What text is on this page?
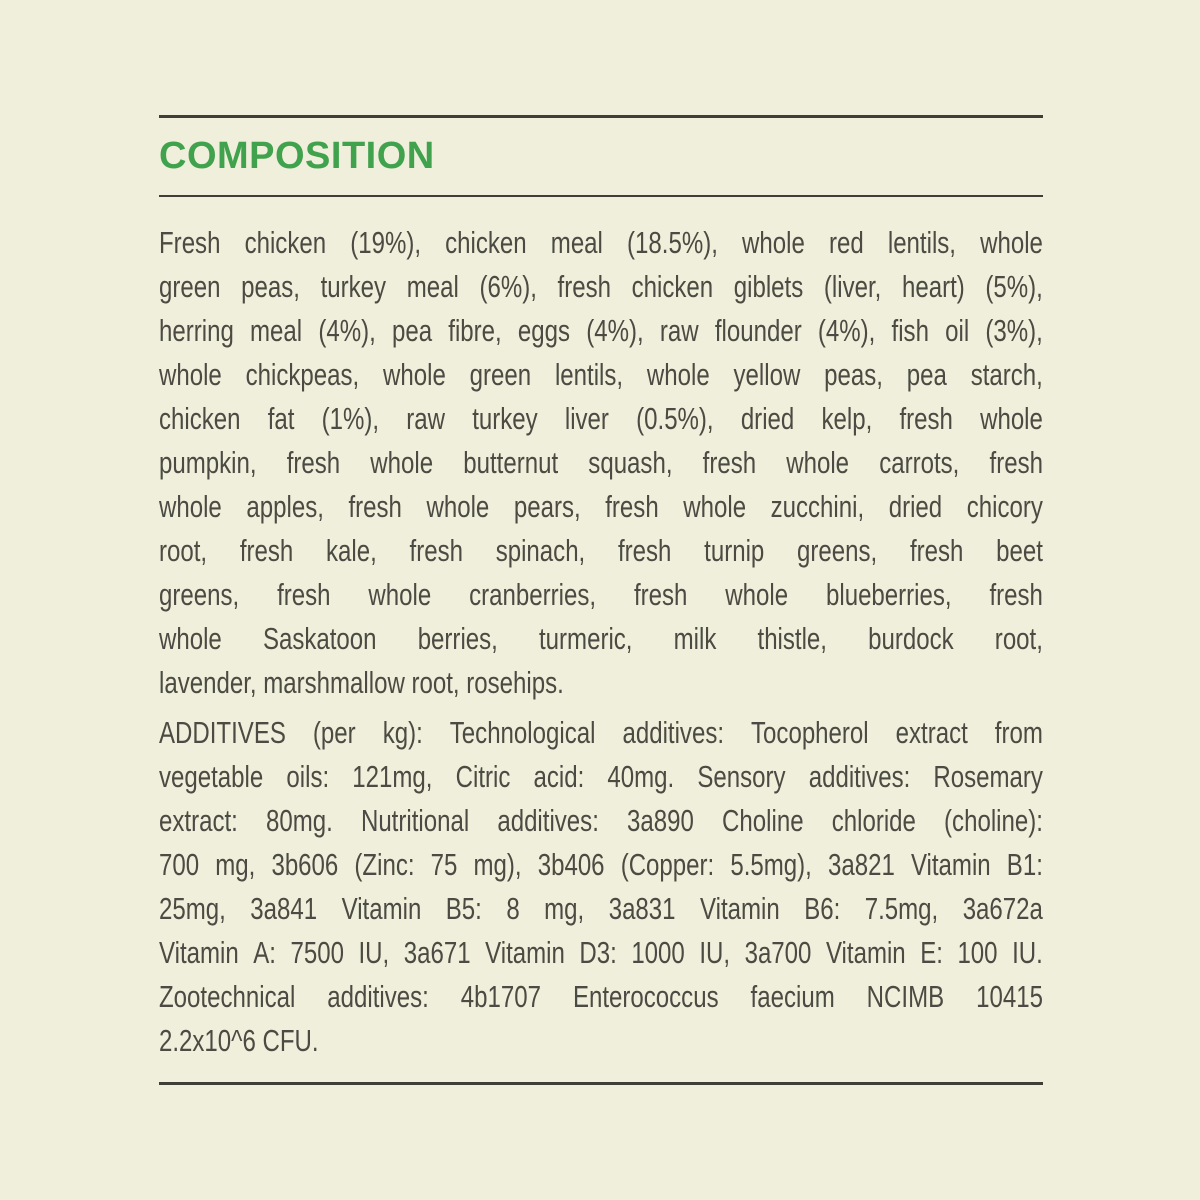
COMPOSITION
Fresh chicken (19%), chicken meal (18.5%), whole red lentils, whole
green peas, turkey meal (6%), fresh chicken giblets (liver, heart) (5%),
herring meal (4%), pea fibre, eggs (4%), raw flounder (4%), fish oil (3%),
whole chickpeas, whole green lentils, whole yellow peas, pea starch,
chicken fat (1%), raw turkey liver (0.5%), dried kelp, fresh whole
pumpkin, fresh whole butternut squash, fresh whole carrots, fresh
whole apples, fresh whole pears, fresh whole zucchini, dried chicory
root, fresh kale, fresh spinach, fresh turnip greens, fresh beet
greens, fresh whole cranberries, fresh whole blueberries, fresh
whole Saskatoon berries, turmeric, milk thistle, burdock root,
lavender, marshmallow root, rosehips.
ADDITIVES (per kg): Technological additives: Tocopherol extract from
vegetable oils: 121mg, Citric acid: 40mg. Sensory additives: Rosemary
extract: 80mg. Nutritional additives: 3a890 Choline chloride (choline):
700 mg, 3b606 (Zinc: 75 mg), 3b406 (Copper: 5.5mg), 3a821 Vitamin B1:
25mg, 3a841 Vitamin B5: 8 mg, 3a831 Vitamin B6: 7.5mg, 3a672a
Vitamin A: 7500 IU, 3a671 Vitamin D3: 1000 IU, 3a700 Vitamin E: 100 IU.
Zootechnical additives: 4b1707 Enterococcus faecium NCIMB 10415
2.2x10^6 CFU.
